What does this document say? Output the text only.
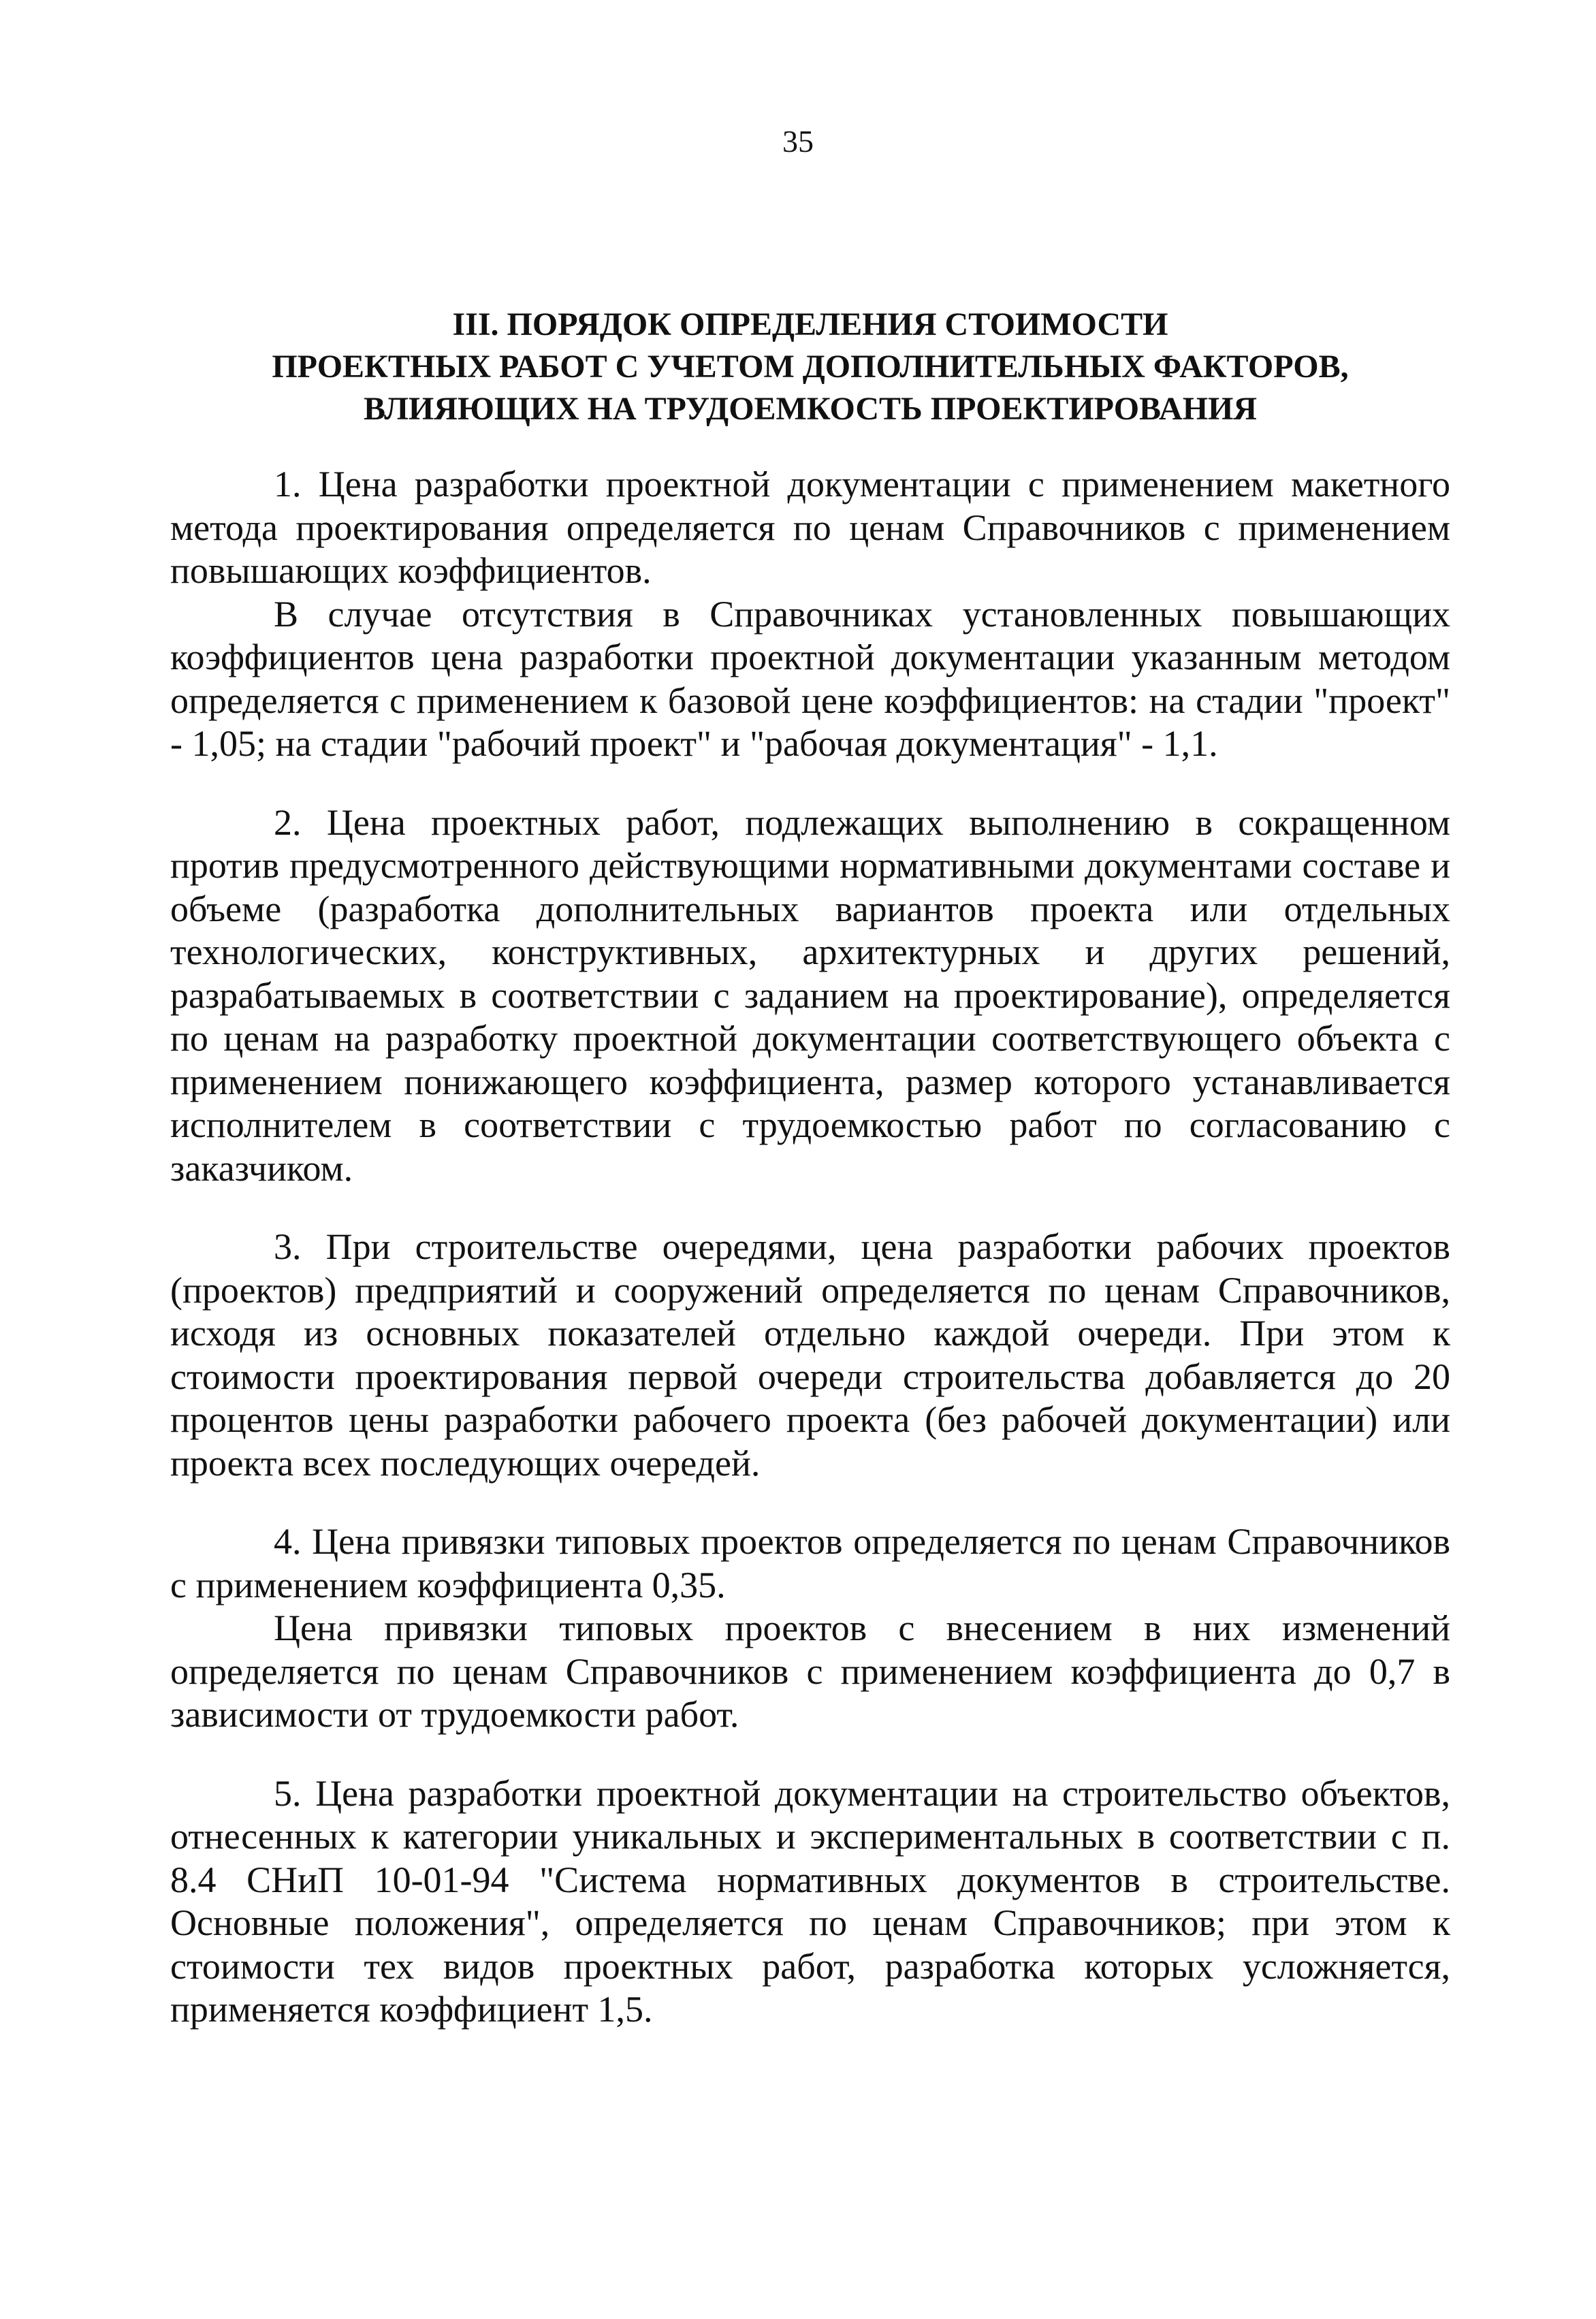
35
III. ПОРЯДОК ОПРЕДЕЛЕНИЯ СТОИМОСТИ
ПРОЕКТНЫХ РАБОТ С УЧЕТОМ ДОПОЛНИТЕЛЬНЫХ ФАКТОРОВ,
ВЛИЯЮЩИХ НА ТРУДОЕМКОСТЬ ПРОЕКТИРОВАНИЯ

1. Цена разработки проектной документации с применением макетного метода проектирования определяется по ценам Справочников с применением повышающих коэффициентов.

В случае отсутствия в Справочниках установленных повышающих коэффициентов цена разработки проектной документации указанным методом определяется с применением к базовой цене коэффициентов: на стадии "проект" - 1,05; на стадии "рабочий проект" и "рабочая документация" - 1,1.

2. Цена проектных работ, подлежащих выполнению в сокращенном против предусмотренного действующими нормативными документами составе и объеме (разработка дополнительных вариантов проекта или отдельных технологических, конструктивных, архитектурных и других решений, разрабатываемых в соответствии с заданием на проектирование), определяется по ценам на разработку проектной документации соответствующего объекта с применением понижающего коэффициента, размер которого устанавливается исполнителем в соответствии с трудоемкостью работ по согласованию с заказчиком.

3. При строительстве очередями, цена разработки рабочих проектов (проектов) предприятий и сооружений определяется по ценам Справочников, исходя из основных показателей отдельно каждой очереди. При этом к стоимости проектирования первой очереди строительства добавляется до 20 процентов цены разработки рабочего проекта (без рабочей документации) или проекта всех последующих очередей.

4. Цена привязки типовых проектов определяется по ценам Справочников с применением коэффициента 0,35.

Цена привязки типовых проектов с внесением в них изменений определяется по ценам Справочников с применением коэффициента до 0,7 в зависимости от трудоемкости работ.

5. Цена разработки проектной документации на строительство объектов, отнесенных к категории уникальных и экспериментальных в соответствии с п. 8.4 СНиП 10-01-94 "Система нормативных документов в строительстве. Основные положения", определяется по ценам Справочников; при этом к стоимости тех видов проектных работ, разработка которых усложняется, применяется коэффициент 1,5.
